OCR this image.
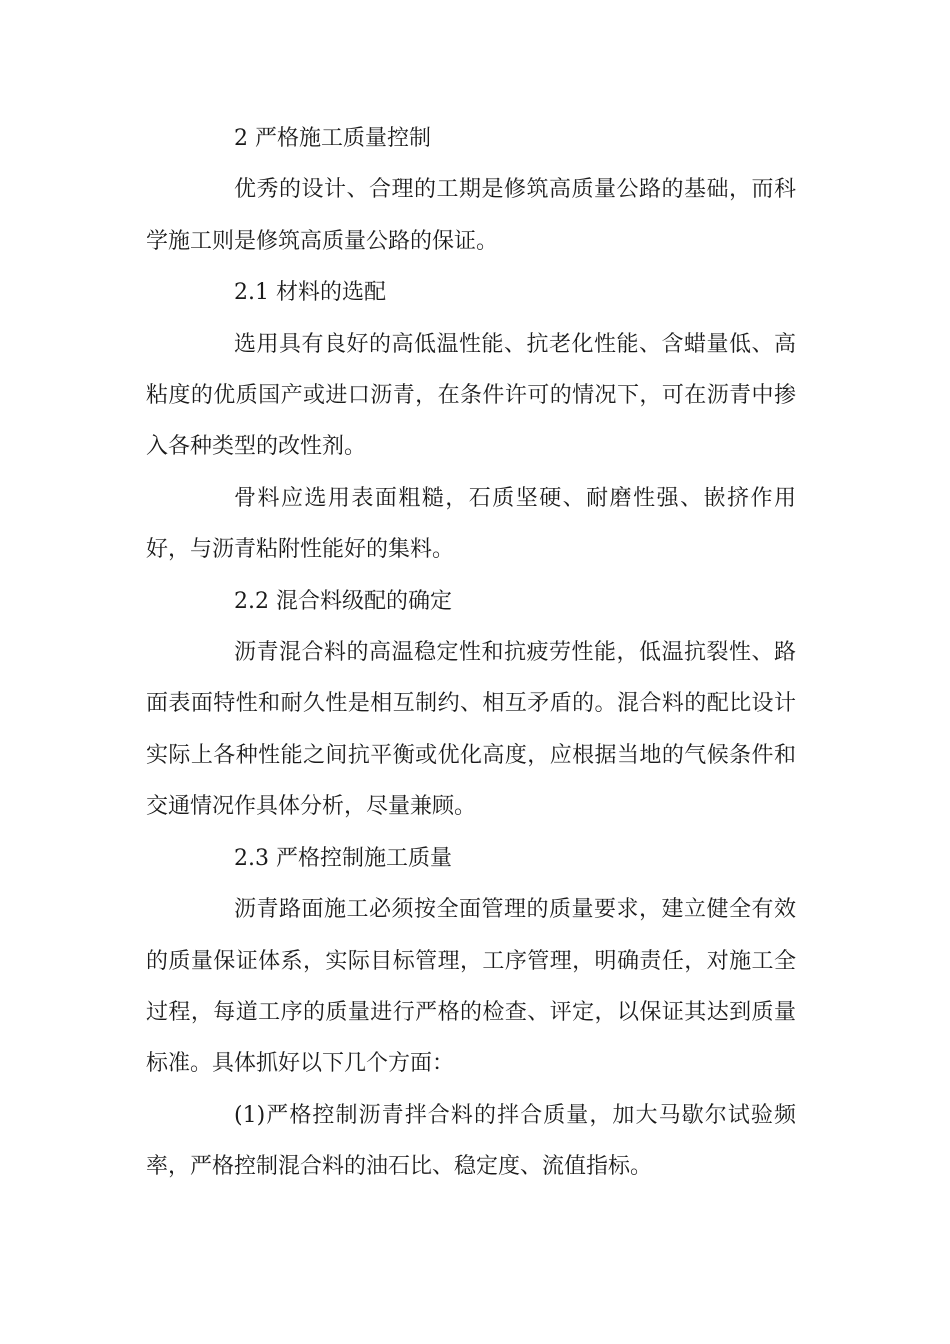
2 严格施工质量控制

优秀的设计、合理的工期是修筑高质量公路的基础，而科学施工则是修筑高质量公路的保证。

2.1 材料的选配

选用具有良好的高低温性能、抗老化性能、含蜡量低、高粘度的优质国产或进口沥青，在条件许可的情况下，可在沥青中掺入各种类型的改性剂。

骨料应选用表面粗糙，石质坚硬、耐磨性强、嵌挤作用好，与沥青粘附性能好的集料。

2.2 混合料级配的确定

沥青混合料的高温稳定性和抗疲劳性能，低温抗裂性、路面表面特性和耐久性是相互制约、相互矛盾的。混合料的配比设计实际上各种性能之间抗平衡或优化高度，应根据当地的气候条件和交通情况作具体分析，尽量兼顾。

2.3 严格控制施工质量

沥青路面施工必须按全面管理的质量要求，建立健全有效的质量保证体系，实际目标管理，工序管理，明确责任，对施工全过程，每道工序的质量进行严格的检查、评定，以保证其达到质量标准。具体抓好以下几个方面：

(1)严格控制沥青拌合料的拌合质量，加大马歇尔试验频率，严格控制混合料的油石比、稳定度、流值指标。
